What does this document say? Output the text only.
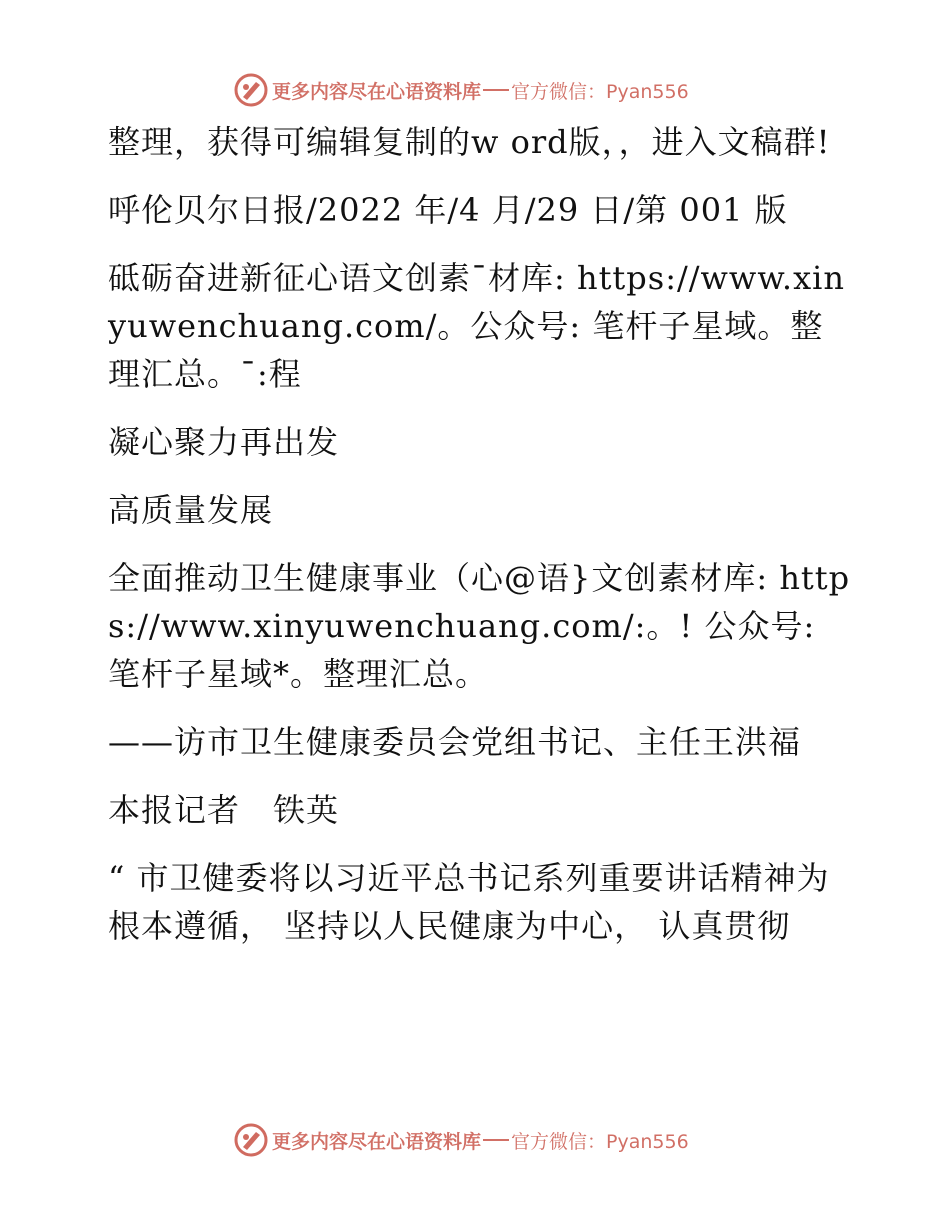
更多内容尽在心语资料库 官方微信：Pyan556

整理，获得可编辑复制的w ord版，，进入文稿群!

呼伦贝尔日报/2022 年/4 月/29 日/第 001 版

砥砺奋进新征心语文创素¯材库: https://www.xinyuwenchuang.com/。公众号: 笔杆子星域。整理汇总。¯:程

凝心聚力再出发

高质量发展

全面推动卫生健康事业（心@语}文创素材库: https://www.xinyuwenchuang.com/:。! 公众号: 笔杆子星域*。整理汇总。

——访市卫生健康委员会党组书记、主任王洪福

本报记者　铁英

“ 市卫健委将以习近平总书记系列重要讲话精神为根本遵循， 坚持以人民健康为中心， 认真贯彻

更多内容尽在心语资料库 官方微信：Pyan556
